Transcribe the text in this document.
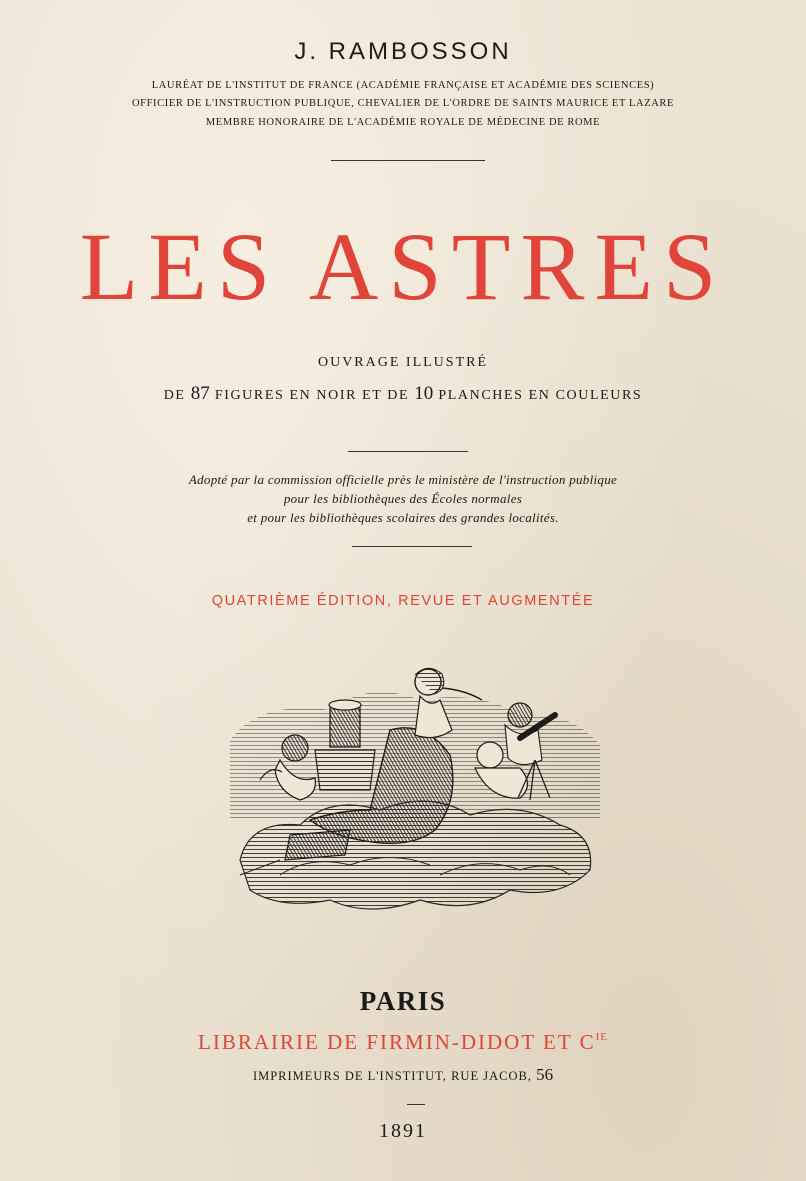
J. RAMBOSSON
LAURÉAT DE L'INSTITUT DE FRANCE (ACADÉMIE FRANÇAISE ET ACADÉMIE DES SCIENCES)
OFFICIER DE L'INSTRUCTION PUBLIQUE, CHEVALIER DE L'ORDRE DE SAINTS MAURICE ET LAZARE
MEMBRE HONORAIRE DE L'ACADÉMIE ROYALE DE MÉDECINE DE ROME
LES ASTRES
OUVRAGE ILLUSTRÉ
DE 87 FIGURES EN NOIR ET DE 10 PLANCHES EN COULEURS
Adopté par la commission officielle près le ministère de l'instruction publique
pour les bibliothèques des Écoles normales
et pour les bibliothèques scolaires des grandes localités.
QUATRIÈME ÉDITION, REVUE ET AUGMENTÉE
PARIS
LIBRAIRIE DE FIRMIN-DIDOT ET $C^{IE}$
IMPRIMEURS DE L'INSTITUT, RUE JACOB, 56
1891
